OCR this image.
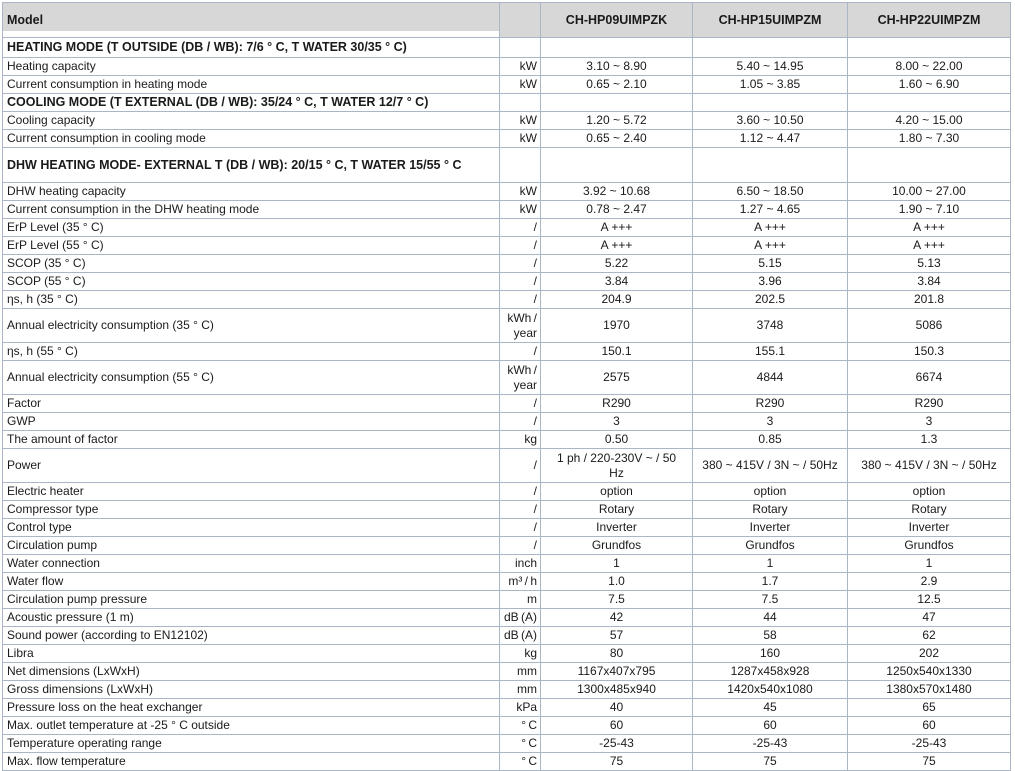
Model		CH-HP09UIMPZK	CH-HP15UIMPZM	CH-HP22UIMPZM
HEATING MODE (T OUTSIDE (DB / WB): 7/6 ° C, T WATER 30/35 ° C)				
Heating capacity	kW	3.10 ~ 8.90	5.40 ~ 14.95	8.00 ~ 22.00
Current consumption in heating mode	kW	0.65 ~ 2.10	1.05 ~ 3.85	1.60 ~ 6.90
COOLING MODE (T EXTERNAL (DB / WB): 35/24 ° C, T WATER 12/7 ° C)				
Cooling capacity	kW	1.20 ~ 5.72	3.60 ~ 10.50	4.20 ~ 15.00
Current consumption in cooling mode	kW	0.65 ~ 2.40	1.12 ~ 4.47	1.80 ~ 7.30
DHW HEATING MODE- EXTERNAL T (DB / WB): 20/15 ° C, T WATER 15/55 ° C				
DHW heating capacity	kW	3.92 ~ 10.68	6.50 ~ 18.50	10.00 ~ 27.00
Current consumption in the DHW heating mode	kW	0.78 ~ 2.47	1.27 ~ 4.65	1.90 ~ 7.10
ErP Level (35 ° C)	/	A +++	A +++	A +++
ErP Level (55 ° C)	/	A +++	A +++	A +++
SCOP (35 ° C)	/	5.22	5.15	5.13
SCOP (55 ° C)	/	3.84	3.96	3.84
ηs, h (35 ° C)	/	204.9	202.5	201.8
Annual electricity consumption (35 ° C)	kWh / year	1970	3748	5086
ηs, h (55 ° C)	/	150.1	155.1	150.3
Annual electricity consumption (55 ° C)	kWh / year	2575	4844	6674
Factor	/	R290	R290	R290
GWP	/	3	3	3
The amount of factor	kg	0.50	0.85	1.3
Power	/	1 ph / 220-230V ~ / 50 Hz	380 ~ 415V / 3N ~ / 50Hz	380 ~ 415V / 3N ~ / 50Hz
Electric heater	/	option	option	option
Compressor type	/	Rotary	Rotary	Rotary
Control type	/	Inverter	Inverter	Inverter
Circulation pump	/	Grundfos	Grundfos	Grundfos
Water connection	inch	1	1	1
Water flow	m³ / h	1.0	1.7	2.9
Circulation pump pressure	m	7.5	7.5	12.5
Acoustic pressure (1 m)	dB (A)	42	44	47
Sound power (according to EN12102)	dB (A)	57	58	62
Libra	kg	80	160	202
Net dimensions (LxWxH)	mm	1167x407x795	1287x458x928	1250x540x1330
Gross dimensions (LxWxH)	mm	1300x485x940	1420x540x1080	1380x570x1480
Pressure loss on the heat exchanger	kPa	40	45	65
Max. outlet temperature at -25 ° C outside	° C	60	60	60
Temperature operating range	° C	-25-43	-25-43	-25-43
Max. flow temperature	° C	75	75	75
